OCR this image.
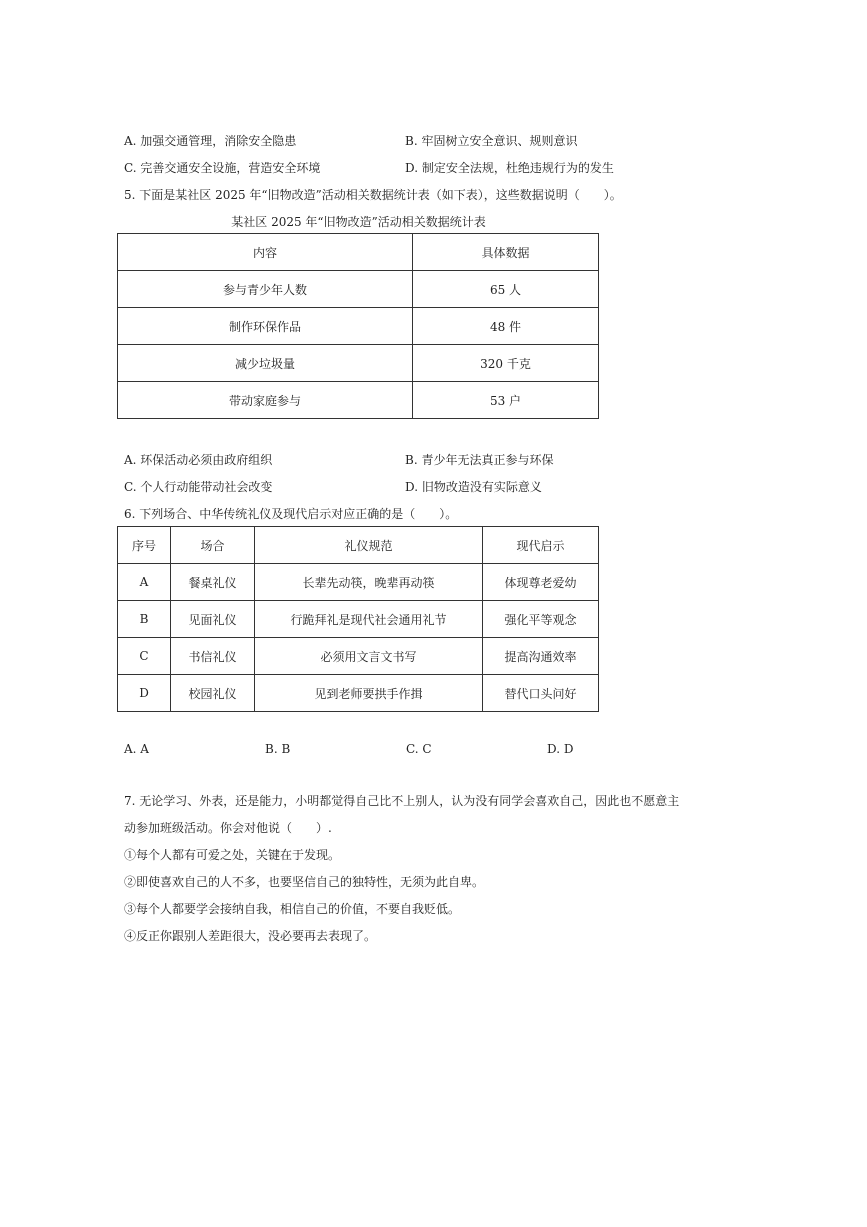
A. 加强交通管理，消除安全隐患	B. 牢固树立安全意识、规则意识
C. 完善交通安全设施，营造安全环境	D. 制定安全法规，杜绝违规行为的发生
5. 下面是某社区 2025 年“旧物改造”活动相关数据统计表（如下表），这些数据说明（　　）。
某社区 2025 年“旧物改造”活动相关数据统计表
内容	具体数据
参与青少年人数	65 人
制作环保作品	48 件
减少垃圾量	320 千克
带动家庭参与	53 户
A. 环保活动必须由政府组织	B. 青少年无法真正参与环保
C. 个人行动能带动社会改变	D. 旧物改造没有实际意义
6. 下列场合、中华传统礼仪及现代启示对应正确的是（　　）。
序号	场合	礼仪规范	现代启示
A	餐桌礼仪	长辈先动筷，晚辈再动筷	体现尊老爱幼
B	见面礼仪	行跪拜礼是现代社会通用礼节	强化平等观念
C	书信礼仪	必须用文言文书写	提高沟通效率
D	校园礼仪	见到老师要拱手作揖	替代口头问好
A. A	B. B	C. C	D. D
7. 无论学习、外表，还是能力，小明都觉得自己比不上别人，认为没有同学会喜欢自己，因此也不愿意主
动参加班级活动。你会对他说（　　）.
①每个人都有可爱之处，关键在于发现。
②即使喜欢自己的人不多，也要坚信自己的独特性，无须为此自卑。
③每个人都要学会接纳自我，相信自己的价值，不要自我贬低。
④反正你跟别人差距很大，没必要再去表现了。
